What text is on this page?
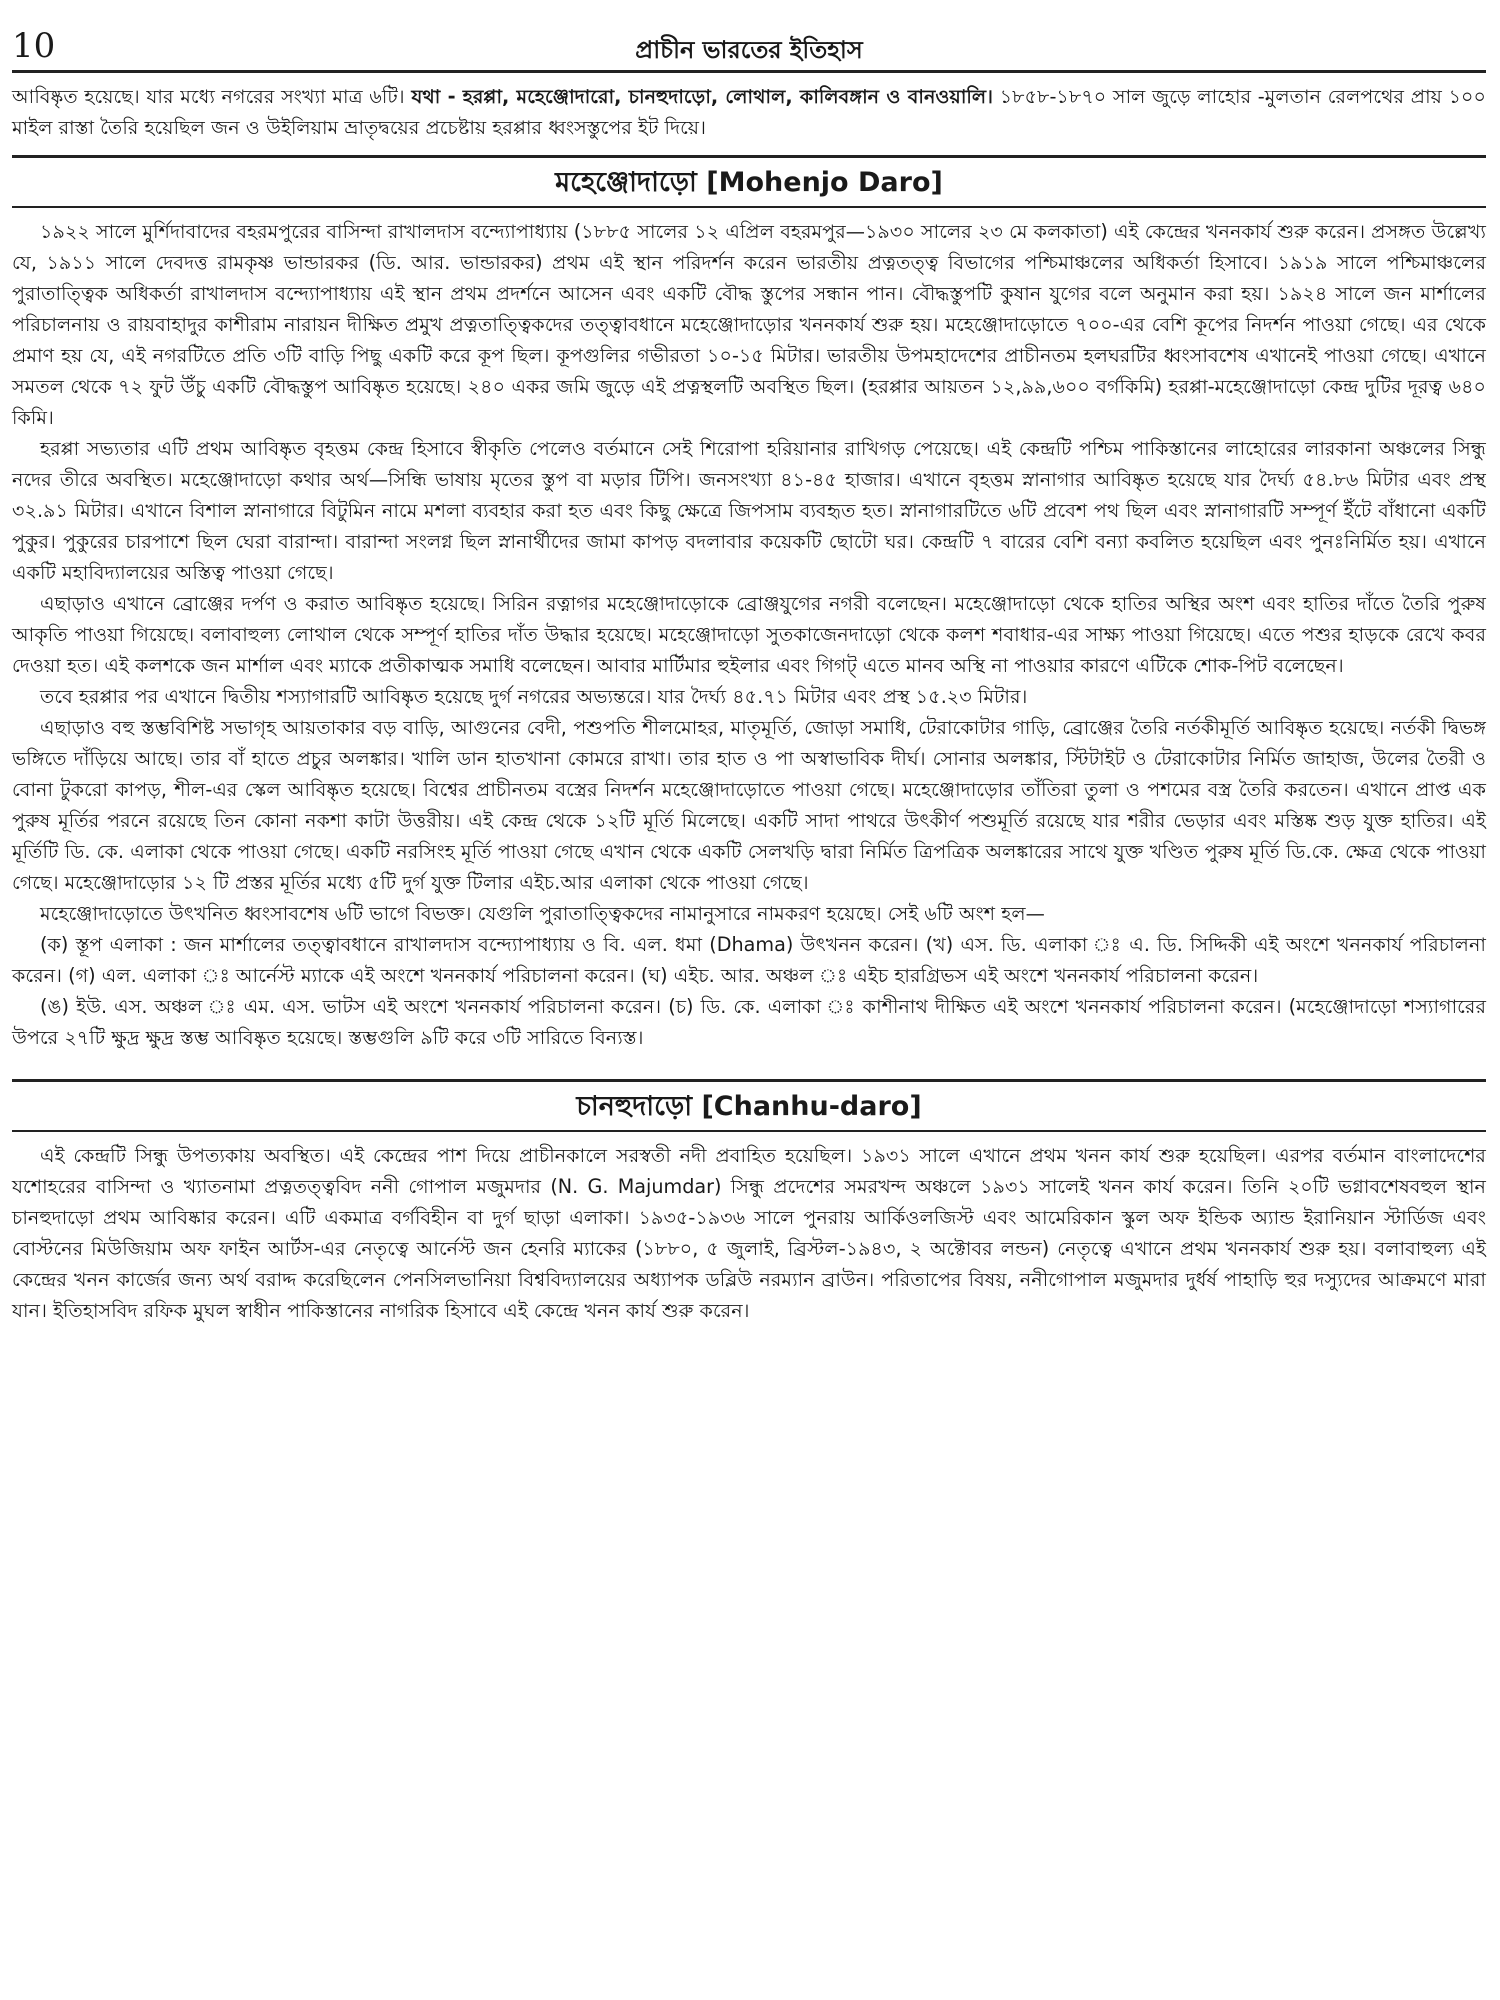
10	প্রাচীন ভারতের ইতিহাস

আবিষ্কৃত হয়েছে। যার মধ্যে নগরের সংখ্যা মাত্র ৬টি। যথা - হরপ্পা, মহেঞ্জোদারো, চানহুদাড়ো, লোথাল, কালিবঙ্গান ও বানওয়ালি। ১৮৫৮-১৮৭০ সাল জুড়ে লাহোর -মুলতান রেলপথের প্রায় ১০০ মাইল রাস্তা তৈরি হয়েছিল জন ও উইলিয়াম ভ্রাতৃদ্বয়ের প্রচেষ্টায় হরপ্পার ধ্বংসস্তুপের ইট দিয়ে।

মহেঞ্জোদাড়ো [Mohenjo Daro]

১৯২২ সালে মুর্শিদাবাদের বহরমপুরের বাসিন্দা রাখালদাস বন্দ্যোপাধ্যায় (১৮৮৫ সালের ১২ এপ্রিল বহরমপুর—১৯৩০ সালের ২৩ মে কলকাতা) এই কেন্দ্রের খননকার্য শুরু করেন। প্রসঙ্গত উল্লেখ্য যে, ১৯১১ সালে দেবদত্ত রামকৃষ্ণ ভান্ডারকর (ডি. আর. ভান্ডারকর) প্রথম এই স্থান পরিদর্শন করেন ভারতীয় প্রত্নতত্ত্ব বিভাগের পশ্চিমাঞ্চলের অধিকর্তা হিসাবে। ১৯১৯ সালে পশ্চিমাঞ্চলের পুরাতাত্ত্বিক অধিকর্তা রাখালদাস বন্দ্যোপাধ্যায় এই স্থান প্রথম প্রদর্শনে আসেন এবং একটি বৌদ্ধ স্তুপের সন্ধান পান। বৌদ্ধস্তুপটি কুষান যুগের বলে অনুমান করা হয়। ১৯২৪ সালে জন মার্শালের পরিচালনায় ও রায়বাহাদুর কাশীরাম নারায়ন দীক্ষিত প্রমুখ প্রত্নতাত্ত্বিকদের তত্ত্বাবধানে মহেঞ্জোদাড়োর খননকার্য শুরু হয়। মহেঞ্জোদাড়োতে ৭০০-এর বেশি কূপের নিদর্শন পাওয়া গেছে। এর থেকে প্রমাণ হয় যে, এই নগরটিতে প্রতি ৩টি বাড়ি পিছু একটি করে কূপ ছিল। কূপগুলির গভীরতা ১০-১৫ মিটার। ভারতীয় উপমহাদেশের প্রাচীনতম হলঘরটির ধ্বংসাবশেষ এখানেই পাওয়া গেছে। এখানে সমতল থেকে ৭২ ফুট উঁচু একটি বৌদ্ধস্তুপ আবিষ্কৃত হয়েছে। ২৪০ একর জমি জুড়ে এই প্রত্নস্থলটি অবস্থিত ছিল। (হরপ্পার আয়তন ১২,৯৯,৬০০ বর্গকিমি) হরপ্পা-মহেঞ্জোদাড়ো কেন্দ্র দুটির দূরত্ব ৬৪০ কিমি।

হরপ্পা সভ্যতার এটি প্রথম আবিষ্কৃত বৃহত্তম কেন্দ্র হিসাবে স্বীকৃতি পেলেও বর্তমানে সেই শিরোপা হরিয়ানার রাখিগড় পেয়েছে। এই কেন্দ্রটি পশ্চিম পাকিস্তানের লাহোরের লারকানা অঞ্চলের সিন্ধু নদের তীরে অবস্থিত। মহেঞ্জোদাড়ো কথার অর্থ—সিন্ধি ভাষায় মৃতের স্তুপ বা মড়ার টিপি। জনসংখ্যা ৪১-৪৫ হাজার। এখানে বৃহত্তম স্নানাগার আবিষ্কৃত হয়েছে যার দৈর্ঘ্য ৫৪.৮৬ মিটার এবং প্রস্থ ৩২.৯১ মিটার। এখানে বিশাল স্নানাগারে বিটুমিন নামে মশলা ব্যবহার করা হত এবং কিছু ক্ষেত্রে জিপসাম ব্যবহৃত হত। স্নানাগারটিতে ৬টি প্রবেশ পথ ছিল এবং স্নানাগারটি সম্পূর্ণ ইঁটে বাঁধানো একটি পুকুর। পুকুরের চারপাশে ছিল ঘেরা বারান্দা। বারান্দা সংলগ্ন ছিল স্নানার্থীদের জামা কাপড় বদলাবার কয়েকটি ছোটো ঘর। কেন্দ্রটি ৭ বারের বেশি বন্যা কবলিত হয়েছিল এবং পুনঃনির্মিত হয়। এখানে একটি মহাবিদ্যালয়ের অস্তিত্ব পাওয়া গেছে।

এছাড়াও এখানে ব্রোঞ্জের দর্পণ ও করাত আবিষ্কৃত হয়েছে। সিরিন রত্নাগর মহেঞ্জোদাড়োকে ব্রোঞ্জযুগের নগরী বলেছেন। মহেঞ্জোদাড়ো থেকে হাতির অস্থির অংশ এবং হাতির দাঁতে তৈরি পুরুষ আকৃতি পাওয়া গিয়েছে। বলাবাহুল্য লোথাল থেকে সম্পূর্ণ হাতির দাঁত উদ্ধার হয়েছে। মহেঞ্জোদাড়ো সুতকাজেনদাড়ো থেকে কলশ শবাধার-এর সাক্ষ্য পাওয়া গিয়েছে। এতে পশুর হাড়কে রেখে কবর দেওয়া হত। এই কলশকে জন মার্শাল এবং ম্যাকে প্রতীকাত্মক সমাধি বলেছেন। আবার মার্টিমার হুইলার এবং গিগট্ এতে মানব অস্থি না পাওয়ার কারণে এটিকে শোক-পিট বলেছেন।

তবে হরপ্পার পর এখানে দ্বিতীয় শস্যাগারটি আবিষ্কৃত হয়েছে দুর্গ নগরের অভ্যন্তরে। যার দৈর্ঘ্য ৪৫.৭১ মিটার এবং প্রস্থ ১৫.২৩ মিটার।

এছাড়াও বহু স্তম্ভবিশিষ্ট সভাগৃহ আয়তাকার বড় বাড়ি, আগুনের বেদী, পশুপতি শীলমোহর, মাতৃমূর্তি, জোড়া সমাধি, টেরাকোটার গাড়ি, ব্রোঞ্জের তৈরি নর্তকীমূর্তি আবিষ্কৃত হয়েছে। নর্তকী দ্বিভঙ্গ ভঙ্গিতে দাঁড়িয়ে আছে। তার বাঁ হাতে প্রচুর অলঙ্কার। খালি ডান হাতখানা কোমরে রাখা। তার হাত ও পা অস্বাভাবিক দীর্ঘ। সোনার অলঙ্কার, স্টিটাইট ও টেরাকোটার নির্মিত জাহাজ, উলের তৈরী ও বোনা টুকরো কাপড়, শীল-এর স্কেল আবিষ্কৃত হয়েছে। বিশ্বের প্রাচীনতম বস্ত্রের নিদর্শন মহেঞ্জোদাড়োতে পাওয়া গেছে। মহেঞ্জোদাড়োর তাঁতিরা তুলা ও পশমের বস্ত্র তৈরি করতেন। এখানে প্রাপ্ত এক পুরুষ মূর্তির পরনে রয়েছে তিন কোনা নকশা কাটা উত্তরীয়। এই কেন্দ্র থেকে ১২টি মূর্তি মিলেছে। একটি সাদা পাথরে উৎকীর্ণ পশুমূর্তি রয়েছে যার শরীর ভেড়ার এবং মস্তিষ্ক শুড় যুক্ত হাতির। এই মূর্তিটি ডি. কে. এলাকা থেকে পাওয়া গেছে। একটি নরসিংহ মূর্তি পাওয়া গেছে এখান থেকে একটি সেলখড়ি দ্বারা নির্মিত ত্রিপত্রিক অলঙ্কারের সাথে যুক্ত খণ্ডিত পুরুষ মূর্তি ডি.কে. ক্ষেত্র থেকে পাওয়া গেছে। মহেঞ্জোদাড়োর ১২ টি প্রস্তর মূর্তির মধ্যে ৫টি দুর্গ যুক্ত টিলার এইচ.আর এলাকা থেকে পাওয়া গেছে।

মহেঞ্জোদাড়োতে উৎখনিত ধ্বংসাবশেষ ৬টি ভাগে বিভক্ত। যেগুলি পুরাতাত্ত্বিকদের নামানুসারে নামকরণ হয়েছে। সেই ৬টি অংশ হল—

(ক) স্তূপ এলাকা : জন মার্শালের তত্ত্বাবধানে রাখালদাস বন্দ্যোপাধ্যায় ও বি. এল. ধমা (Dhama) উৎখনন করেন। (খ) এস. ডি. এলাকা ঃ এ. ডি. সিদ্দিকী এই অংশে খননকার্য পরিচালনা করেন। (গ) এল. এলাকা ঃ আর্নেস্ট ম্যাকে এই অংশে খননকার্য পরিচালনা করেন। (ঘ) এইচ. আর. অঞ্চল ঃ এইচ হারগ্রিভস এই অংশে খননকার্য পরিচালনা করেন।

(ঙ) ইউ. এস. অঞ্চল ঃ এম. এস. ভাটস এই অংশে খননকার্য পরিচালনা করেন। (চ) ডি. কে. এলাকা ঃ কাশীনাথ দীক্ষিত এই অংশে খননকার্য পরিচালনা করেন। (মহেঞ্জোদাড়ো শস্যাগারের উপরে ২৭টি ক্ষুদ্র ক্ষুদ্র স্তম্ভ আবিষ্কৃত হয়েছে। স্তম্ভগুলি ৯টি করে ৩টি সারিতে বিন্যস্ত।

চানহুদাড়ো [Chanhu-daro]

এই কেন্দ্রটি সিন্ধু উপত্যকায় অবস্থিত। এই কেন্দ্রের পাশ দিয়ে প্রাচীনকালে সরস্বতী নদী প্রবাহিত হয়েছিল। ১৯৩১ সালে এখানে প্রথম খনন কার্য শুরু হয়েছিল। এরপর বর্তমান বাংলাদেশের যশোহরের বাসিন্দা ও খ্যাতনামা প্রত্নতত্ত্ববিদ ননী গোপাল মজুমদার (N. G. Majumdar) সিন্ধু প্রদেশের সমরখন্দ অঞ্চলে ১৯৩১ সালেই খনন কার্য করেন। তিনি ২০টি ভগ্নাবশেষবহুল স্থান চানহুদাড়ো প্রথম আবিষ্কার করেন। এটি একমাত্র বর্গবিহীন বা দুর্গ ছাড়া এলাকা। ১৯৩৫-১৯৩৬ সালে পুনরায় আর্কিওলজিস্ট এবং আমেরিকান স্কুল অফ ইন্ডিক অ্যান্ড ইরানিয়ান স্টার্ডিজ এবং বোস্টনের মিউজিয়াম অফ ফাইন আর্টস-এর নেতৃত্বে আর্নেস্ট জন হেনরি ম্যাকের (১৮৮০, ৫ জুলাই, ব্রিস্টল-১৯৪৩, ২ অক্টোবর লন্ডন) নেতৃত্বে এখানে প্রথম খননকার্য শুরু হয়। বলাবাহুল্য এই কেন্দ্রের খনন কার্জের জন্য অর্থ বরাদ্দ করেছিলেন পেনসিলভানিয়া বিশ্ববিদ্যালয়ের অধ্যাপক ডব্লিউ নরম্যান ব্রাউন। পরিতাপের বিষয়, ননীগোপাল মজুমদার দুর্ধর্ষ পাহাড়ি হুর দস্যুদের আক্রমণে মারা যান। ইতিহাসবিদ রফিক মুঘল স্বাধীন পাকিস্তানের নাগরিক হিসাবে এই কেন্দ্রে খনন কার্য শুরু করেন।
